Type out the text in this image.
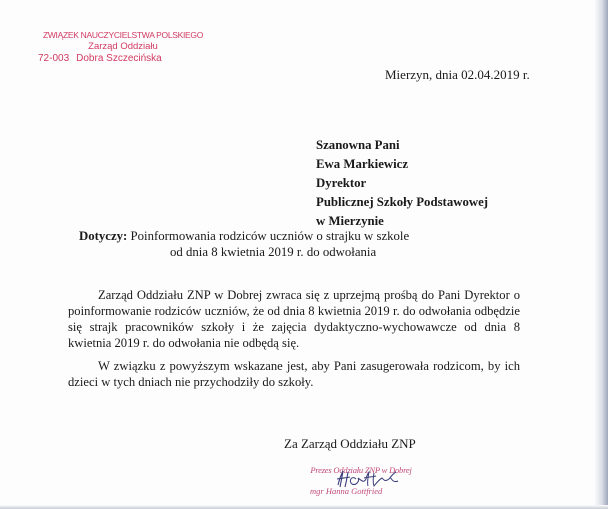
ZWIĄZEK NAUCZYCIELSTWA POLSKIEGO
Zarząd Oddziału
72-003 Dobra Szczecińska
Mierzyn, dnia 02.04.2019 r.
Szanowna Pani
Ewa Markiewicz
Dyrektor
Publicznej Szkoły Podstawowej
w Mierzynie
Dotyczy: Poinformowania rodziców uczniów o strajku w szkole
od dnia 8 kwietnia 2019 r. do odwołania

Zarząd Oddziału ZNP w Dobrej zwraca się z uprzejmą prośbą do Pani Dyrektor o poinformowanie rodziców uczniów, że od dnia 8 kwietnia 2019 r. do odwołania odbędzie się strajk pracowników szkoły i że zajęcia dydaktyczno-wychowawcze od dnia 8 kwietnia 2019 r. do odwołania nie odbędą się.

W związku z powyższym wskazane jest, aby Pani zasugerowała rodzicom, by ich dzieci w tych dniach nie przychodziły do szkoły.

Za Zarząd Oddziału ZNP
Prezes Oddziału ZNP w Dobrej
mgr Hanna Gottfried
